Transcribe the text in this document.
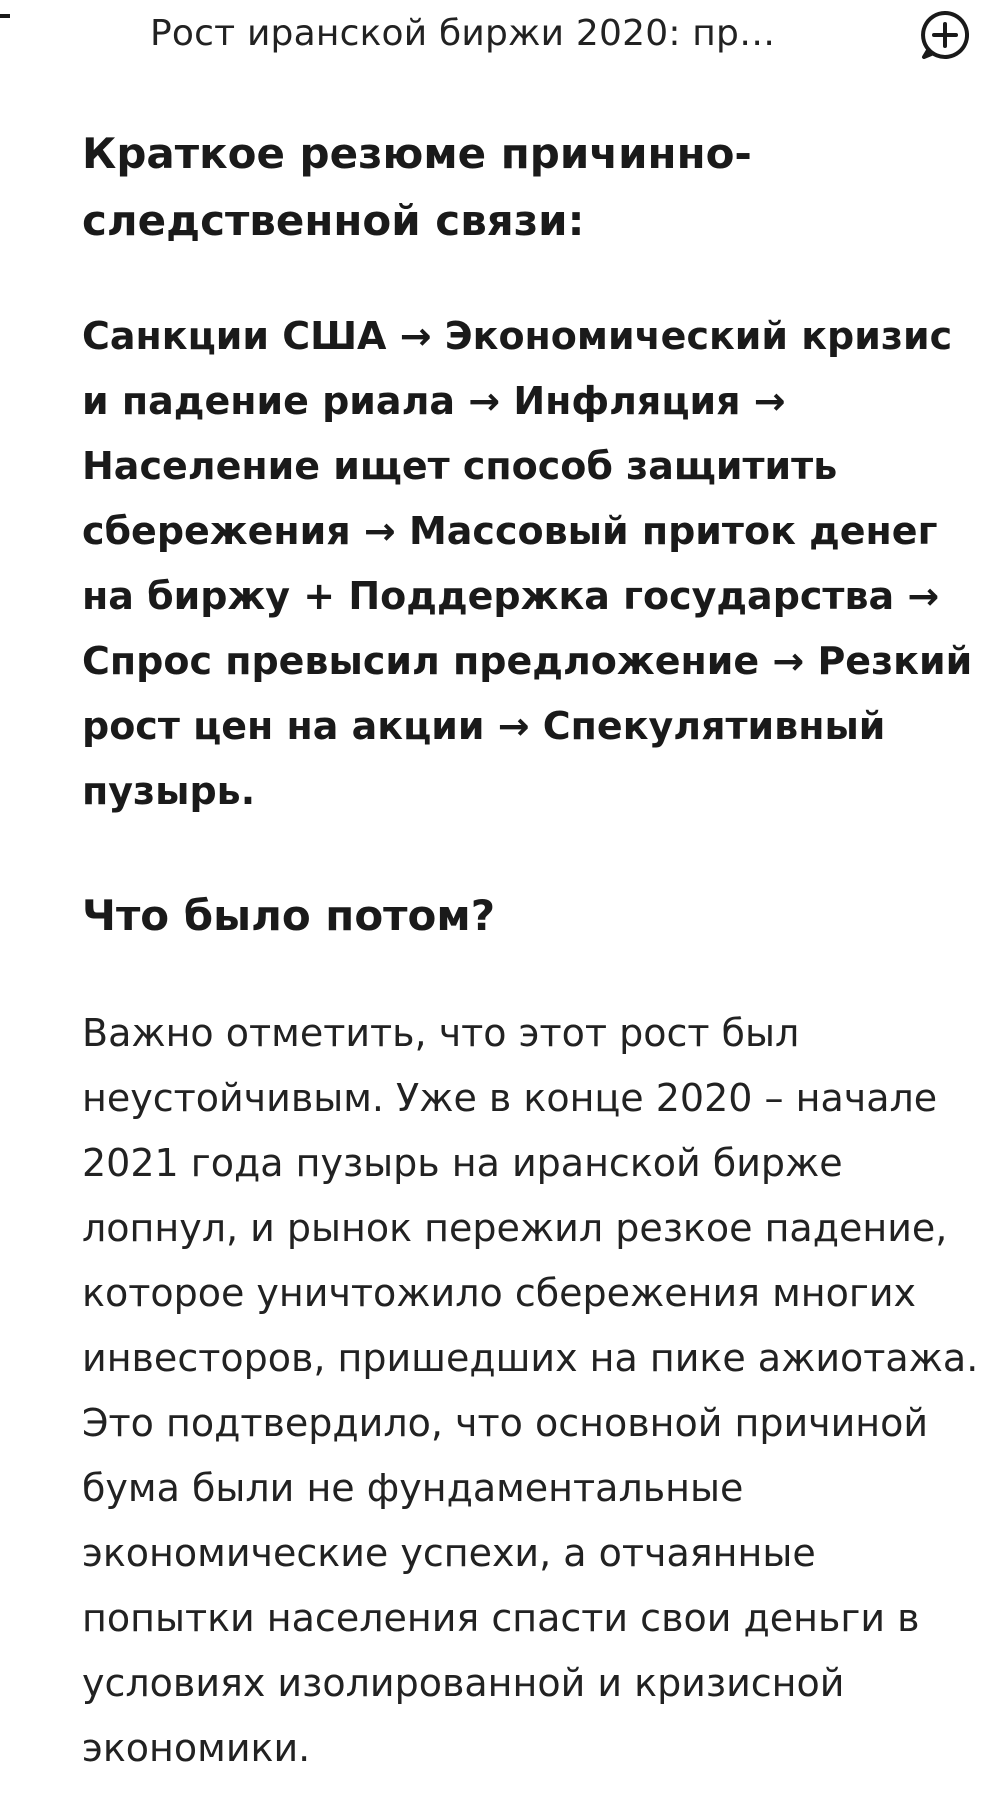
Рост иранской биржи 2020: пр…
Краткое резюме причинно-следственной связи:
Санкции США → Экономический кризис и падение риала → Инфляция → Население ищет способ защитить сбережения → Массовый приток денег на биржу + Поддержка государства → Спрос превысил предложение → Резкий рост цен на акции → Спекулятивный пузырь.
Что было потом?
Важно отметить, что этот рост был неустойчивым. Уже в конце 2020 – начале 2021 года пузырь на иранской бирже лопнул, и рынок пережил резкое падение, которое уничтожило сбережения многих инвесторов, пришедших на пике ажиотажа. Это подтвердило, что основной причиной бума были не фундаментальные экономические успехи, а отчаянные попытки населения спасти свои деньги в условиях изолированной и кризисной экономики.
